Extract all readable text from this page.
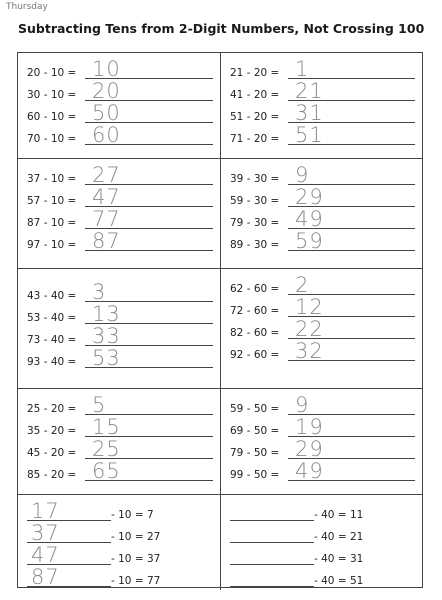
Thursday
Subtracting Tens from 2-Digit Numbers, Not Crossing 100
20 - 10 = 10
30 - 10 = 20
60 - 10 = 50
70 - 10 = 60
21 - 20 = 1
41 - 20 = 21
51 - 20 = 31
71 - 20 = 51
37 - 10 = 27
57 - 10 = 47
87 - 10 = 77
97 - 10 = 87
39 - 30 = 9
59 - 30 = 29
79 - 30 = 49
89 - 30 = 59
43 - 40 = 3
53 - 40 = 13
73 - 40 = 33
93 - 40 = 53
62 - 60 = 2
72 - 60 = 12
82 - 60 = 22
92 - 60 = 32
25 - 20 = 5
35 - 20 = 15
45 - 20 = 25
85 - 20 = 65
59 - 50 = 9
69 - 50 = 19
79 - 50 = 29
99 - 50 = 49
17	- 10 = 7
37	- 10 = 27
47	- 10 = 37
87	- 10 = 77
- 40 = 11
- 40 = 21
- 40 = 31
- 40 = 51
